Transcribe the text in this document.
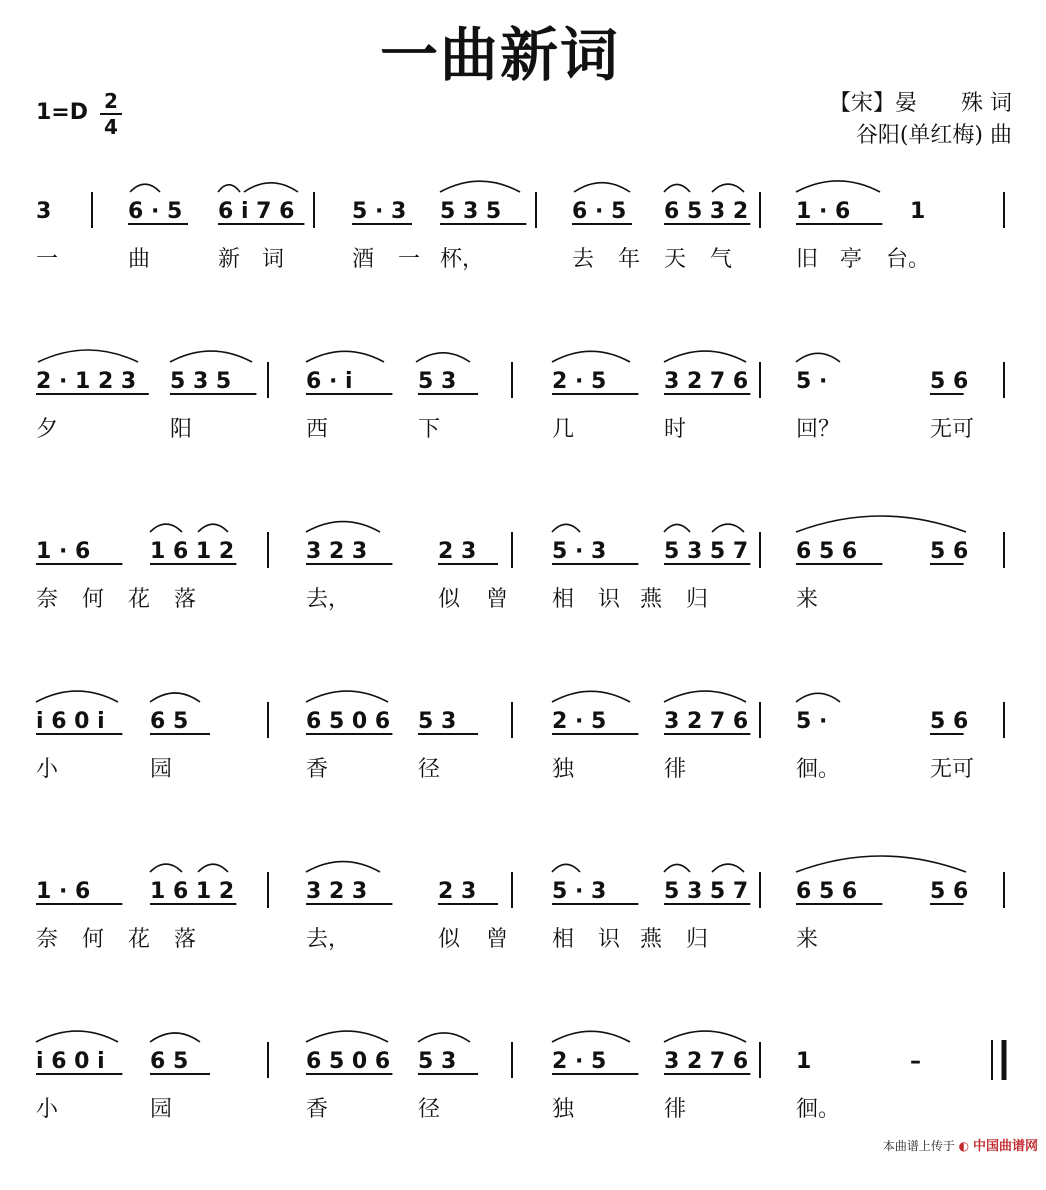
一曲新词
1=D 2
4
【宋】晏　　殊 词
谷阳(单红梅) 曲
3	6 · 5 6 i 7 6	5 · 3 5 3 5	6 · 5 6 5 3 2 1 · 6	1
一	曲	新 词	酒 一 杯，	去 年 天 气	旧 亭 台。
2 · 1 2 3 5 3 5	6 · i	5 3	2 · 5	3 2 7 6 5 ·	5 6
夕	阳	西	下	几	时	回？	无可
1 · 6	1 6 1 2	3 2 3	2 3	5 · 3	5 3 5 7 6 5 6	5 6
奈 何 花 落	去，	似 曾 相 识 燕 归	来
i 6 0 i 6 5	6 5 0 6 5 3	2 · 5	3 2 7 6 5 ·	5 6
小	园	香	径	独	徘	徊。	无可
1 · 6	1 6 1 2	3 2 3	2 3	5 · 3	5 3 5 7 6 5 6	5 6
奈 何 花 落	去，	似 曾 相 识 燕 归	来
i 6 0 i 6 5	6 5 0 6 5 3	2 · 5	3 2 7 6 1	–
小	园	香	径	独	徘	徊。
本曲谱上传于 ◐ 中国曲谱网
